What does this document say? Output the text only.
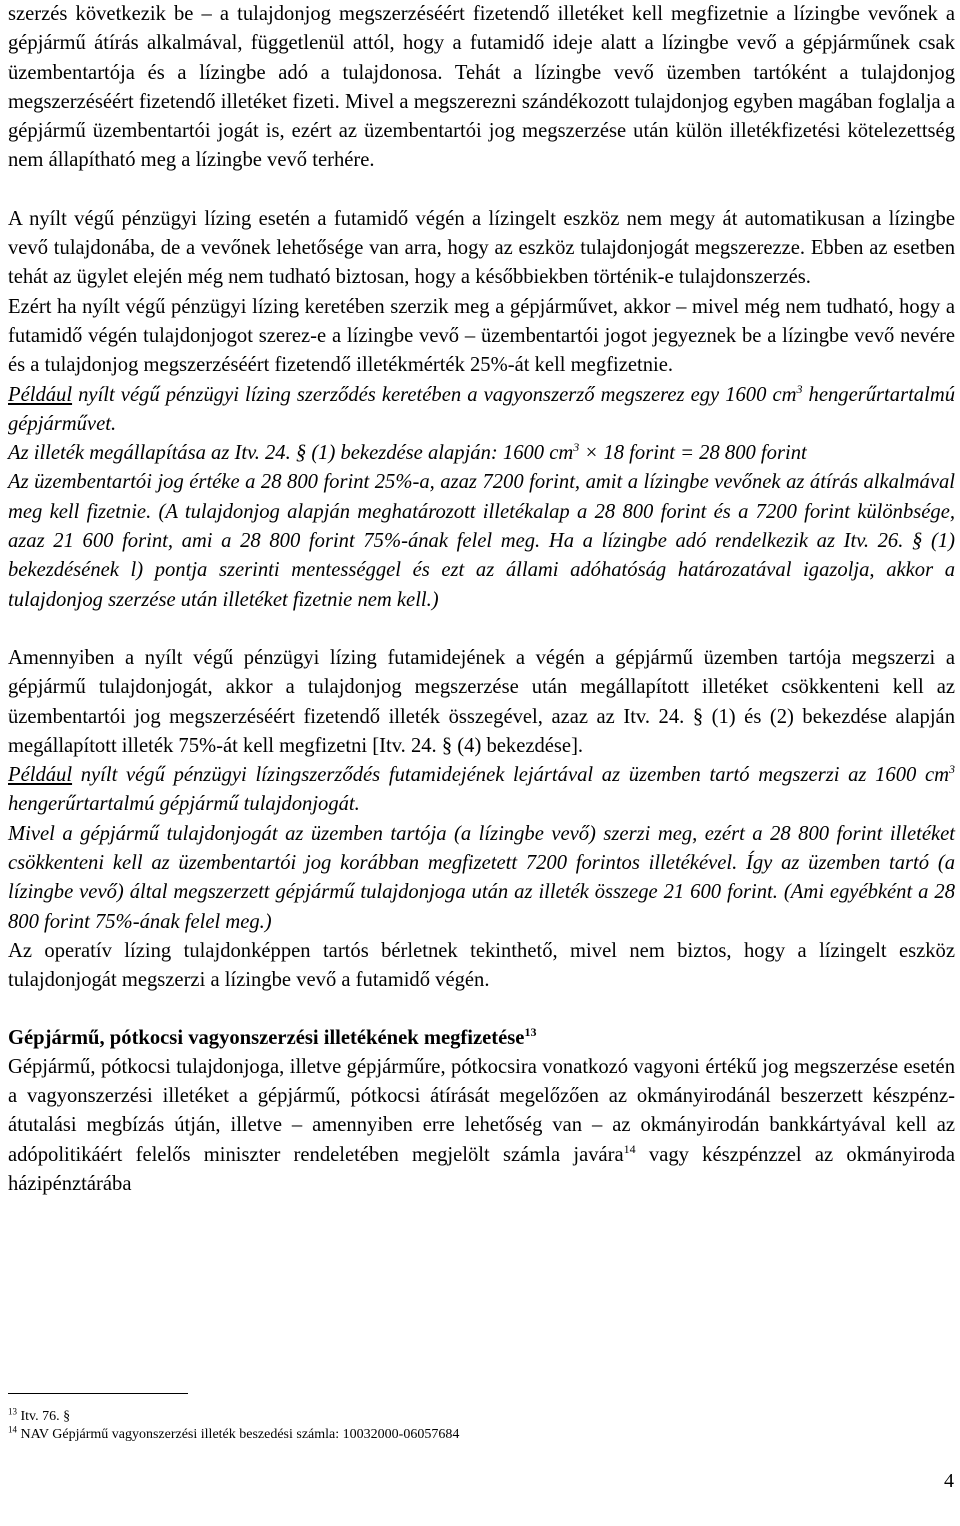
szerzés következik be – a tulajdonjog megszerzéséért fizetendő illetéket kell megfizetnie a lízingbe vevőnek a gépjármű átírás alkalmával, függetlenül attól, hogy a futamidő ideje alatt a lízingbe vevő a gépjárműnek csak üzembentartója és a lízingbe adó a tulajdonosa. Tehát a lízingbe vevő üzemben tartóként a tulajdonjog megszerzéséért fizetendő illetéket fizeti. Mivel a megszerezni szándékozott tulajdonjog egyben magában foglalja a gépjármű üzembentartói jogát is, ezért az üzembentartói jog megszerzése után külön illetékfizetési kötelezettség nem állapítható meg a lízingbe vevő terhére.

A nyílt végű pénzügyi lízing esetén a futamidő végén a lízingelt eszköz nem megy át automatikusan a lízingbe vevő tulajdonába, de a vevőnek lehetősége van arra, hogy az eszköz tulajdonjogát megszerezze. Ebben az esetben tehát az ügylet elején még nem tudható biztosan, hogy a későbbiekben történik-e tulajdonszerzés.

Ezért ha nyílt végű pénzügyi lízing keretében szerzik meg a gépjárművet, akkor – mivel még nem tudható, hogy a futamidő végén tulajdonjogot szerez-e a lízingbe vevő – üzembentartói jogot jegyeznek be a lízingbe vevő nevére és a tulajdonjog megszerzéséért fizetendő illetékmérték 25%-át kell megfizetnie.

Például nyílt végű pénzügyi lízing szerződés keretében a vagyonszerző megszerez egy 1600 $cm^3$ hengerűrtartalmú gépjárművet.

Az illeték megállapítása az Itv. 24. § (1) bekezdése alapján: 1600 $cm^3 \times 18$ forint = 28 800 forint

Az üzembentartói jog értéke a 28 800 forint 25%-a, azaz 7200 forint, amit a lízingbe vevőnek az átírás alkalmával meg kell fizetnie. (A tulajdonjog alapján meghatározott illetékalap a 28 800 forint és a 7200 forint különbsége, azaz 21 600 forint, ami a 28 800 forint 75%-ának felel meg. Ha a lízingbe adó rendelkezik az Itv. 26. § (1) bekezdésének l) pontja szerinti mentességgel és ezt az állami adóhatóság határozatával igazolja, akkor a tulajdonjog szerzése után illetéket fizetnie nem kell.)

Amennyiben a nyílt végű pénzügyi lízing futamidejének a végén a gépjármű üzemben tartója megszerzi a gépjármű tulajdonjogát, akkor a tulajdonjog megszerzése után megállapított illetéket csökkenteni kell az üzembentartói jog megszerzéséért fizetendő illeték összegével, azaz az Itv. 24. § (1) és (2) bekezdése alapján megállapított illeték 75%-át kell megfizetni [Itv. 24. § (4) bekezdése].

Például nyílt végű pénzügyi lízingszerződés futamidejének lejártával az üzemben tartó megszerzi az 1600 $cm^3$ hengerűrtartalmú gépjármű tulajdonjogát.

Mivel a gépjármű tulajdonjogát az üzemben tartója (a lízingbe vevő) szerzi meg, ezért a 28 800 forint illetéket csökkenteni kell az üzembentartói jog korábban megfizetett 7200 forintos illetékével. Így az üzemben tartó (a lízingbe vevő) által megszerzett gépjármű tulajdonjoga után az illeték összege 21 600 forint. (Ami egyébként a 28 800 forint 75%-ának felel meg.)

Az operatív lízing tulajdonképpen tartós bérletnek tekinthető, mivel nem biztos, hogy a lízingelt eszköz tulajdonjogát megszerzi a lízingbe vevő a futamidő végén.

Gépjármű, pótkocsi vagyonszerzési illetékének megfizetése$^{13}$

Gépjármű, pótkocsi tulajdonjoga, illetve gépjárműre, pótkocsira vonatkozó vagyoni értékű jog megszerzése esetén a vagyonszerzési illetéket a gépjármű, pótkocsi átírását megelőzően az okmányirodánál beszerzett készpénz-átutalási megbízás útján, illetve – amennyiben erre lehetőség van – az okmányirodán bankkártyával kell az adópolitikáért felelős miniszter rendeletében megjelölt számla javára$^{14}$ vagy készpénzzel az okmányiroda házipénztárába

$^{13}$ Itv. 76. §

$^{14}$ NAV Gépjármű vagyonszerzési illeték beszedési számla: 10032000-06057684

4
